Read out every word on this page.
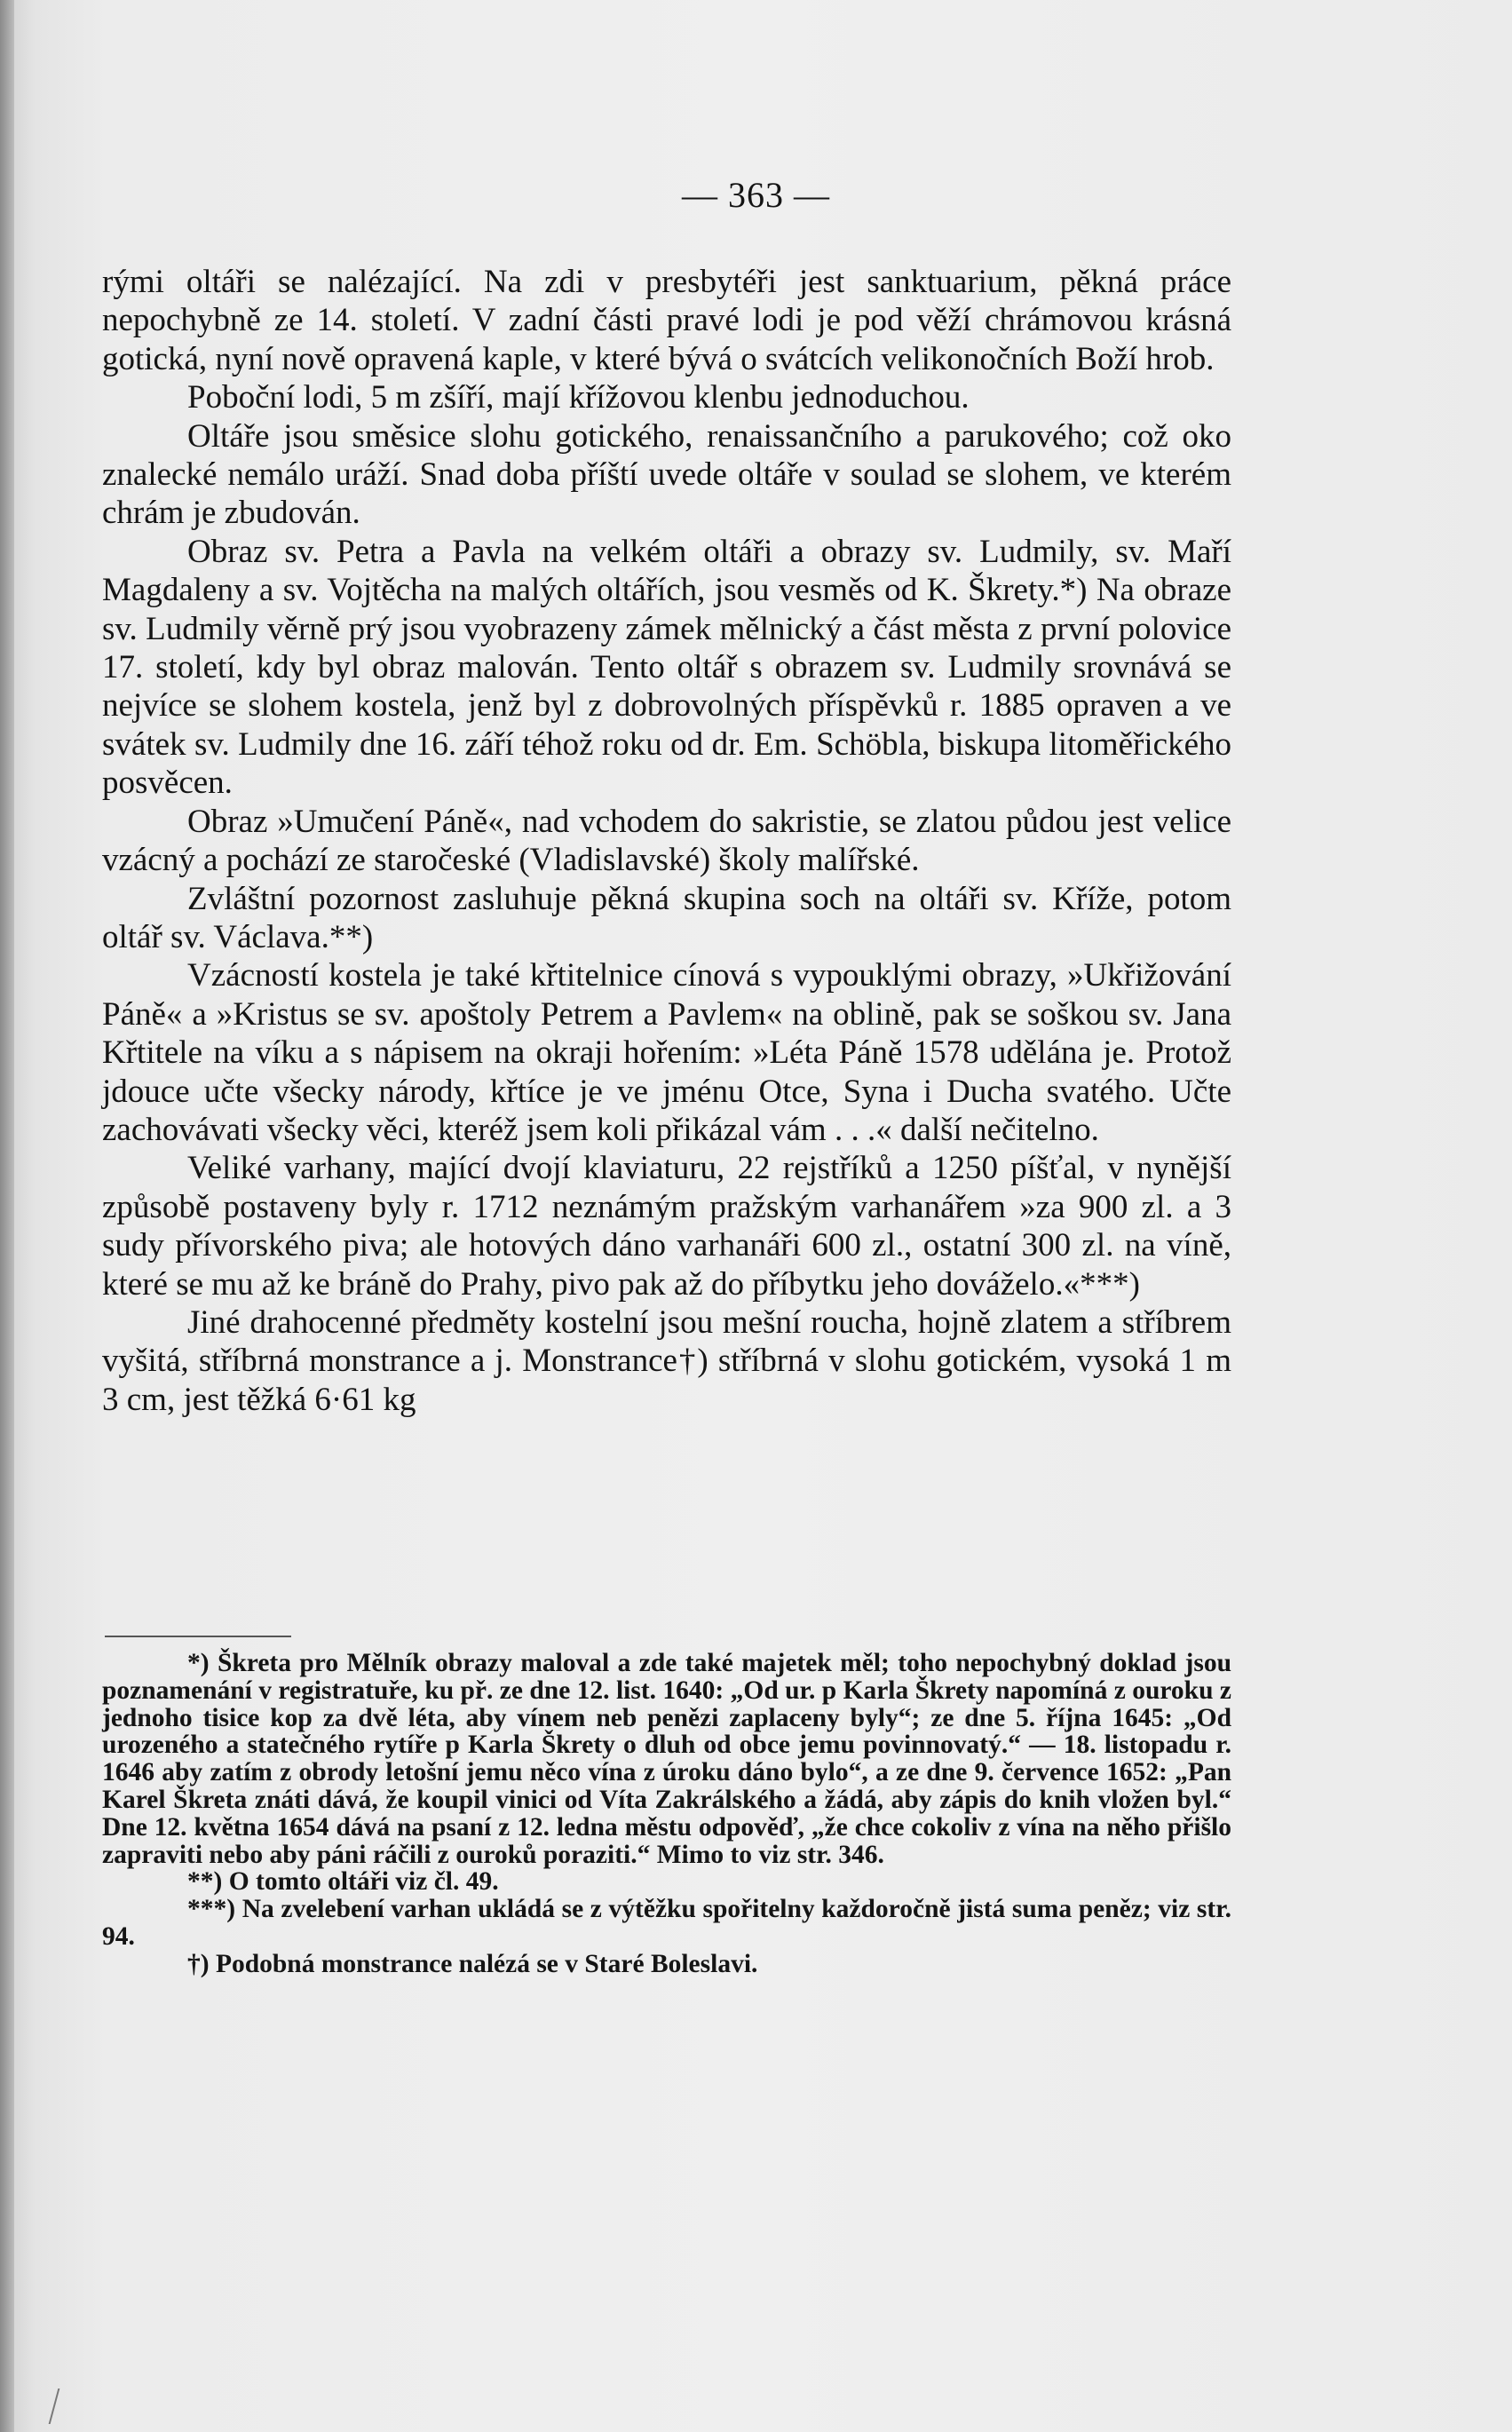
— 363 —

rými oltáři se nalézající. Na zdi v presbytéři jest sanktuarium, pěkná práce nepochybně ze 14. století. V zadní části pravé lodi je pod věží chrámovou krásná gotická, nyní nově opravená kaple, v které bývá o svátcích velikonočních Boží hrob.

Poboční lodi, 5 m zšíří, mají křížovou klenbu jednoduchou.

Oltáře jsou směsice slohu gotického, renaissančního a parukového; což oko znalecké nemálo uráží. Snad doba příští uvede oltáře v soulad se slohem, ve kterém chrám je zbudován.

Obraz sv. Petra a Pavla na velkém oltáři a obrazy sv. Ludmily, sv. Maří Magdaleny a sv. Vojtěcha na malých oltářích, jsou vesměs od K. Škrety.*) Na obraze sv. Ludmily věrně prý jsou vyobrazeny zámek mělnický a část města z první polovice 17. století, kdy byl obraz malován. Tento oltář s obrazem sv. Ludmily srovnává se nejvíce se slohem kostela, jenž byl z dobrovolných příspěvků r. 1885 opraven a ve svátek sv. Ludmily dne 16. září téhož roku od dr. Em. Schöbla, biskupa litoměřického posvěcen.

Obraz »Umučení Páně«, nad vchodem do sakristie, se zlatou půdou jest velice vzácný a pochází ze staročeské (Vladislavské) školy malířské.

Zvláštní pozornost zasluhuje pěkná skupina soch na oltáři sv. Kříže, potom oltář sv. Václava.**)

Vzácností kostela je také křtitelnice cínová s vypouklými obrazy, »Ukřižování Páně« a »Kristus se sv. apoštoly Petrem a Pavlem« na oblině, pak se soškou sv. Jana Křtitele na víku a s nápisem na okraji hořením: »Léta Páně 1578 udělána je. Protož jdouce učte všecky národy, křtíce je ve jménu Otce, Syna i Ducha svatého. Učte zachovávati všecky věci, kteréž jsem koli přikázal vám . . .« další nečitelno.

Veliké varhany, mající dvojí klaviaturu, 22 rejstříků a 1250 píšťal, v nynější způsobě postaveny byly r. 1712 neznámým pražským varhanářem »za 900 zl. a 3 sudy přívorského piva; ale hotových dáno varhanáři 600 zl., ostatní 300 zl. na víně, které se mu až ke bráně do Prahy, pivo pak až do příbytku jeho dováželo.«***)

Jiné drahocenné předměty kostelní jsou mešní roucha, hojně zlatem a stříbrem vyšitá, stříbrná monstrance a j. Monstrance†) stříbrná v slohu gotickém, vysoká 1 m 3 cm, jest těžká 6·61 kg

*) Škreta pro Mělník obrazy maloval a zde také majetek měl; toho nepochybný doklad jsou poznamenání v registratuře, ku př. ze dne 12. list. 1640: „Od ur. p Karla Škrety napomíná z ouroku z jednoho tisice kop za dvě léta, aby vínem neb penězi zaplaceny byly“; ze dne 5. října 1645: „Od urozeného a statečného rytíře p Karla Škrety o dluh od obce jemu povinnovatý.“ — 18. listopadu r. 1646 aby zatím z obrody letošní jemu něco vína z úroku dáno bylo“, a ze dne 9. července 1652: „Pan Karel Škreta znáti dává, že koupil vinici od Víta Zakrálského a žádá, aby zápis do knih vložen byl.“ Dne 12. května 1654 dává na psaní z 12. ledna městu odpověď, „že chce cokoliv z vína na něho přišlo zapraviti nebo aby páni ráčili z ouroků poraziti.“ Mimo to viz str. 346.

**) O tomto oltáři viz čl. 49.

***) Na zvelebení varhan ukládá se z výtěžku spořitelny každoročně jistá suma peněz; viz str. 94.

†) Podobná monstrance nalézá se v Staré Boleslavi.
